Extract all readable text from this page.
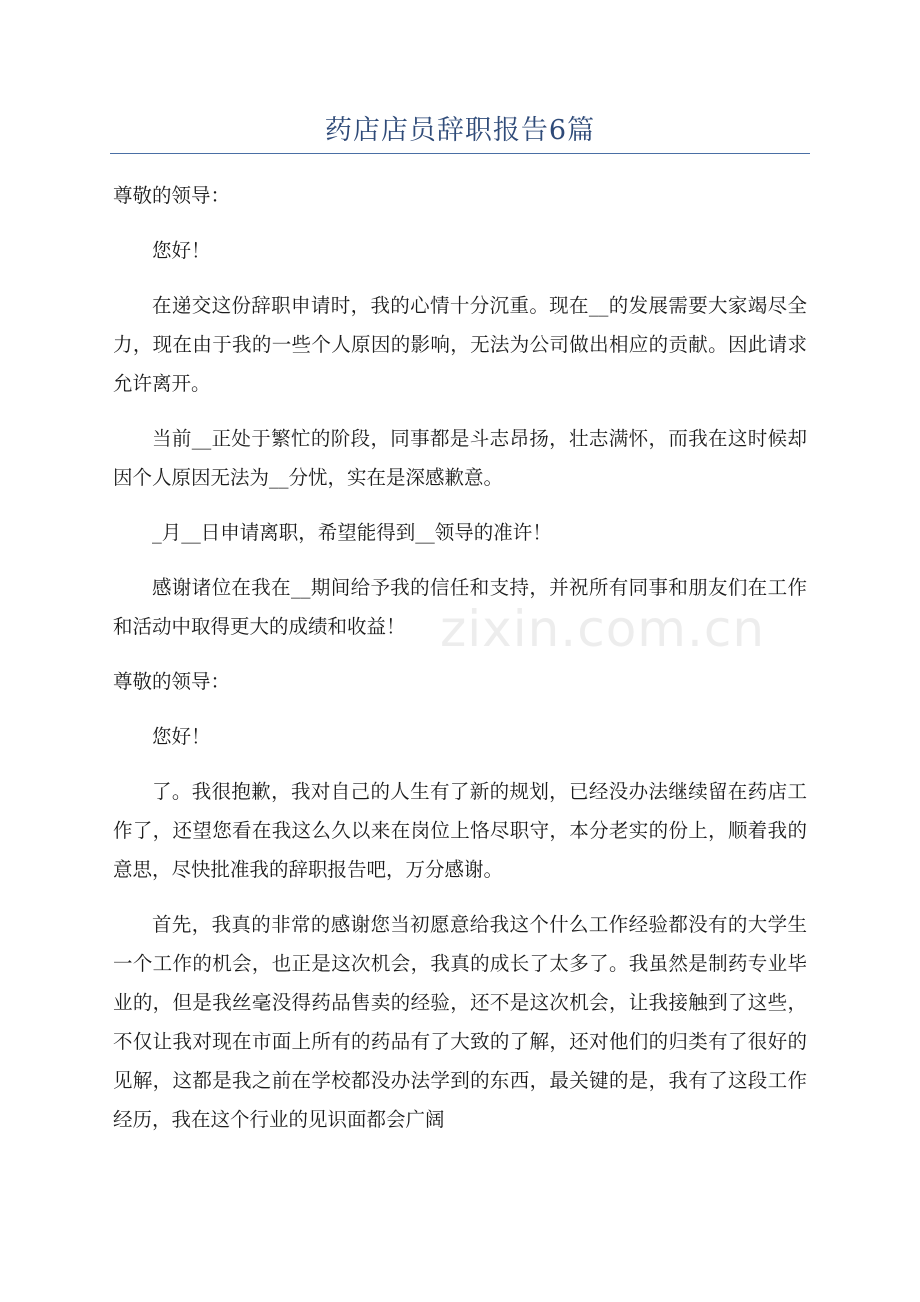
药店店员辞职报告6篇

尊敬的领导：

您好！

在递交这份辞职申请时，我的心情十分沉重。现在__的发展需要大家竭尽全力，现在由于我的一些个人原因的影响，无法为公司做出相应的贡献。因此请求允许离开。

当前__正处于繁忙的阶段，同事都是斗志昂扬，壮志满怀，而我在这时候却因个人原因无法为__分忧，实在是深感歉意。

_月__日申请离职，希望能得到__领导的准许！

感谢诸位在我在__期间给予我的信任和支持，并祝所有同事和朋友们在工作和活动中取得更大的成绩和收益！

尊敬的领导：

您好！

了。我很抱歉，我对自己的人生有了新的规划，已经没办法继续留在药店工作了，还望您看在我这么久以来在岗位上恪尽职守，本分老实的份上，顺着我的意思，尽快批准我的辞职报告吧，万分感谢。

首先，我真的非常的感谢您当初愿意给我这个什么工作经验都没有的大学生一个工作的机会，也正是这次机会，我真的成长了太多了。我虽然是制药专业毕业的，但是我丝毫没得药品售卖的经验，还不是这次机会，让我接触到了这些，不仅让我对现在市面上所有的药品有了大致的了解，还对他们的归类有了很好的见解，这都是我之前在学校都没办法学到的东西，最关键的是，我有了这段工作经历，我在这个行业的见识面都会广阔

zixin.com.cn
